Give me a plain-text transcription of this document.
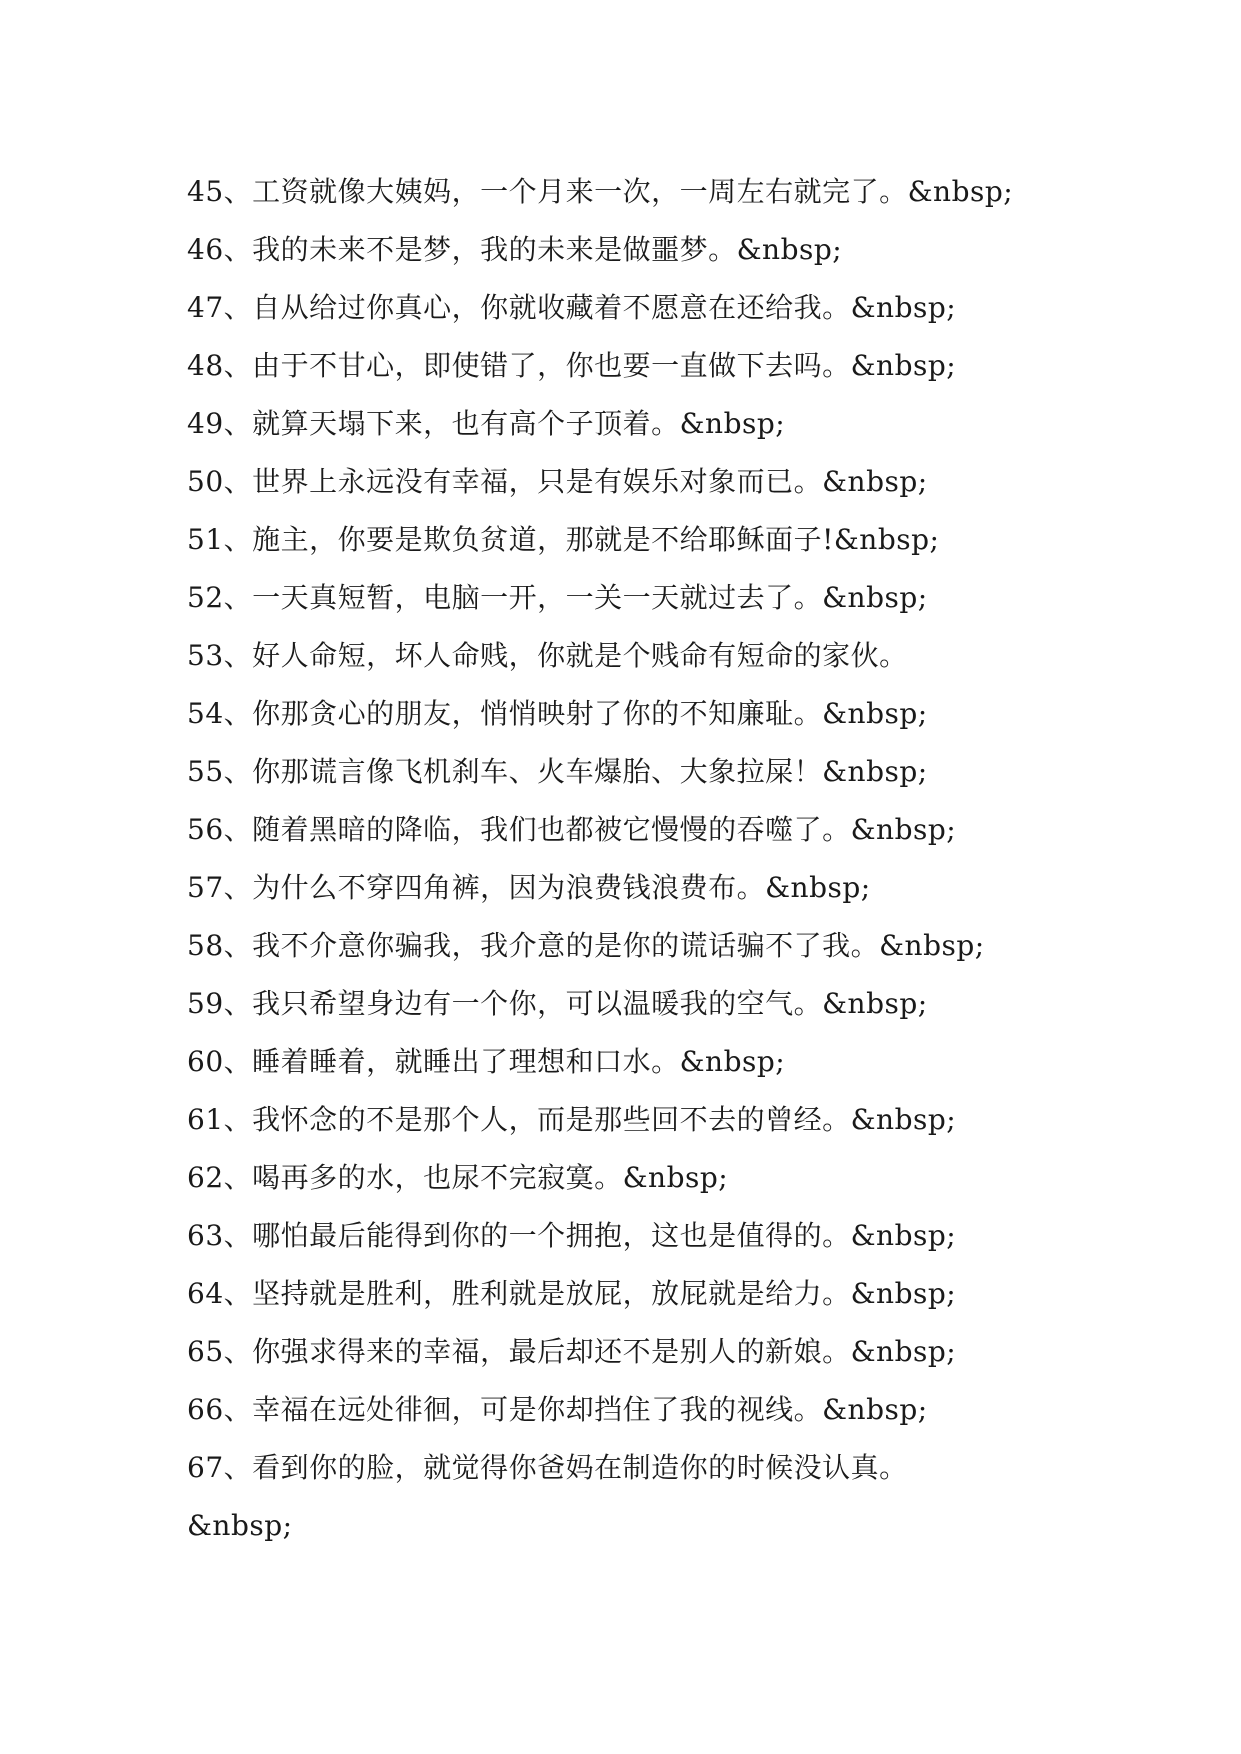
45、工资就像大姨妈，一个月来一次，一周左右就完了。&nbsp;
46、我的未来不是梦，我的未来是做噩梦。&nbsp;
47、自从给过你真心，你就收藏着不愿意在还给我。&nbsp;
48、由于不甘心，即使错了，你也要一直做下去吗。&nbsp;
49、就算天塌下来，也有高个子顶着。&nbsp;
50、世界上永远没有幸福，只是有娱乐对象而已。&nbsp;
51、施主，你要是欺负贫道，那就是不给耶稣面子!&nbsp;
52、一天真短暂，电脑一开，一关一天就过去了。&nbsp;
53、好人命短，坏人命贱，你就是个贱命有短命的家伙。
54、你那贪心的朋友，悄悄映射了你的不知廉耻。&nbsp;
55、你那谎言像飞机刹车、火车爆胎、大象拉屎！&nbsp;
56、随着黑暗的降临，我们也都被它慢慢的吞噬了。&nbsp;
57、为什么不穿四角裤，因为浪费钱浪费布。&nbsp;
58、我不介意你骗我，我介意的是你的谎话骗不了我。&nbsp;
59、我只希望身边有一个你，可以温暖我的空气。&nbsp;
60、睡着睡着，就睡出了理想和口水。&nbsp;
61、我怀念的不是那个人，而是那些回不去的曾经。&nbsp;
62、喝再多的水，也尿不完寂寞。&nbsp;
63、哪怕最后能得到你的一个拥抱，这也是值得的。&nbsp;
64、坚持就是胜利，胜利就是放屁，放屁就是给力。&nbsp;
65、你强求得来的幸福，最后却还不是别人的新娘。&nbsp;
66、幸福在远处徘徊，可是你却挡住了我的视线。&nbsp;
67、看到你的脸，就觉得你爸妈在制造你的时候没认真。
&nbsp;
